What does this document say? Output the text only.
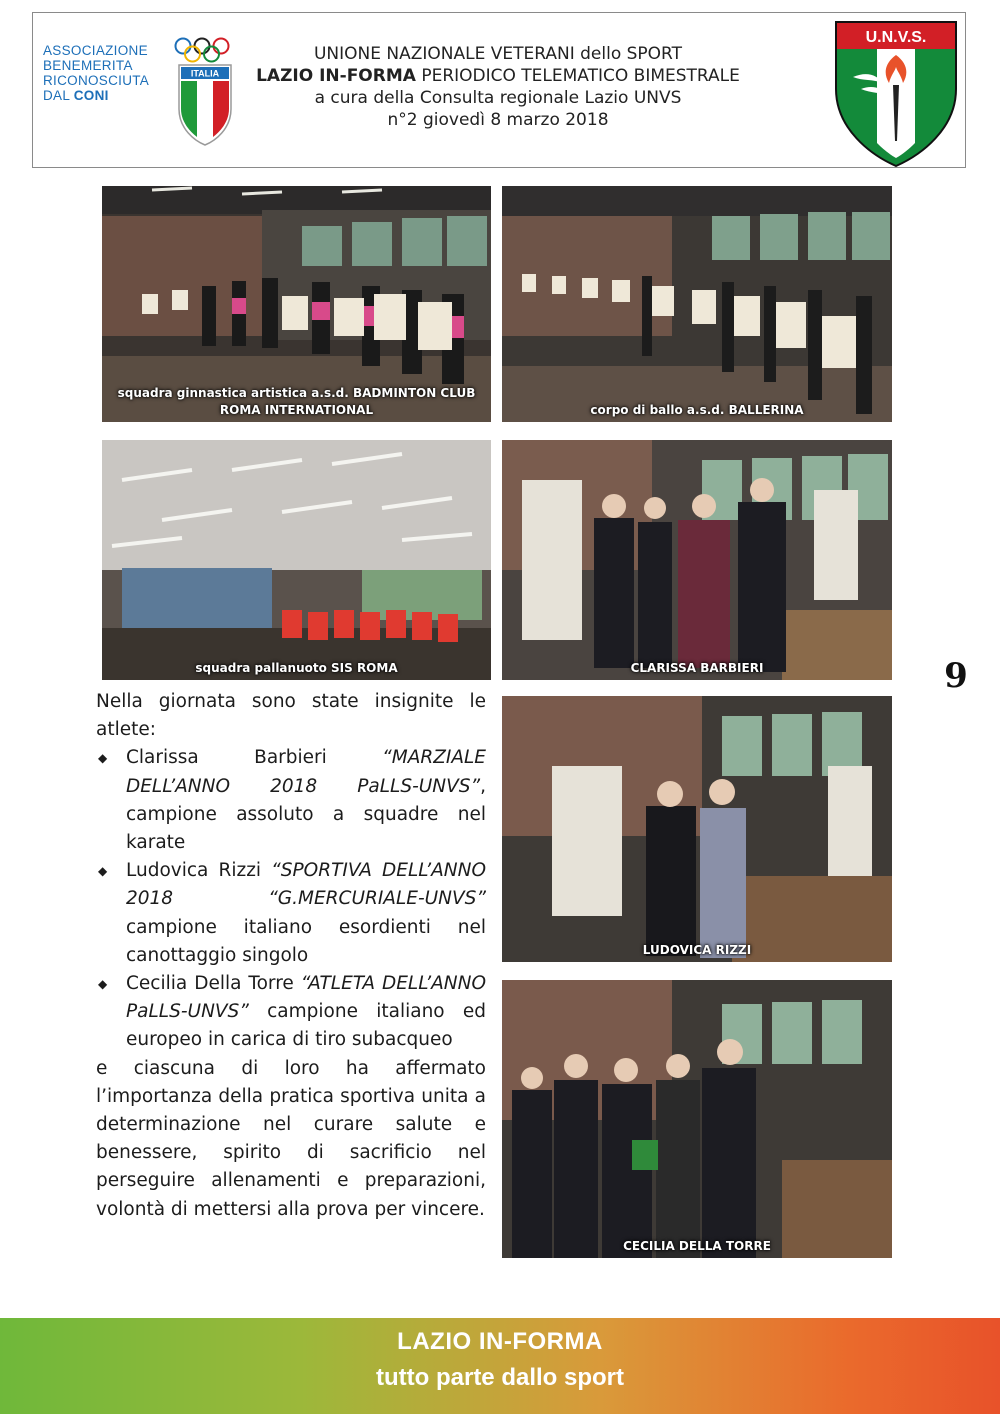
ASSOCIAZIONE
BENEMERITA
RICONOSCIUTA
DAL CONI
ITALIA
UNIONE NAZIONALE VETERANI dello SPORT
LAZIO IN-FORMA PERIODICO TELEMATICO BIMESTRALE
a cura della Consulta regionale Lazio UNVS
n°2 giovedì 8 marzo 2018
U.N.V.S.
squadra ginnastica artistica a.s.d. BADMINTON CLUB ROMA INTERNATIONAL	corpo di ballo a.s.d. BALLERINA
squadra pallanuoto SIS ROMA	CLARISSA BARBIERI
LUDOVICA RIZZI
CECILIA DELLA TORRE

Nella giornata sono state insignite le atlete:

◆ Clarissa Barbieri “MARZIALE DELL’ANNO 2018 PaLLS-UNVS”, campione assoluto a squadre nel karate
◆ Ludovica Rizzi “SPORTIVA DELL’ANNO 2018 “G.MERCURIALE-UNVS” campione italiano esordienti nel canottaggio singolo
◆ Cecilia Della Torre “ATLETA DELL’ANNO PaLLS-UNVS” campione italiano ed europeo in carica di tiro subacqueo

e ciascuna di loro ha affermato l’importanza della pratica sportiva unita a determinazione nel curare salute e benessere, spirito di sacrificio nel perseguire allenamenti e preparazioni, volontà di mettersi alla prova per vincere.

9
LAZIO IN-FORMA
tutto parte dallo sport
